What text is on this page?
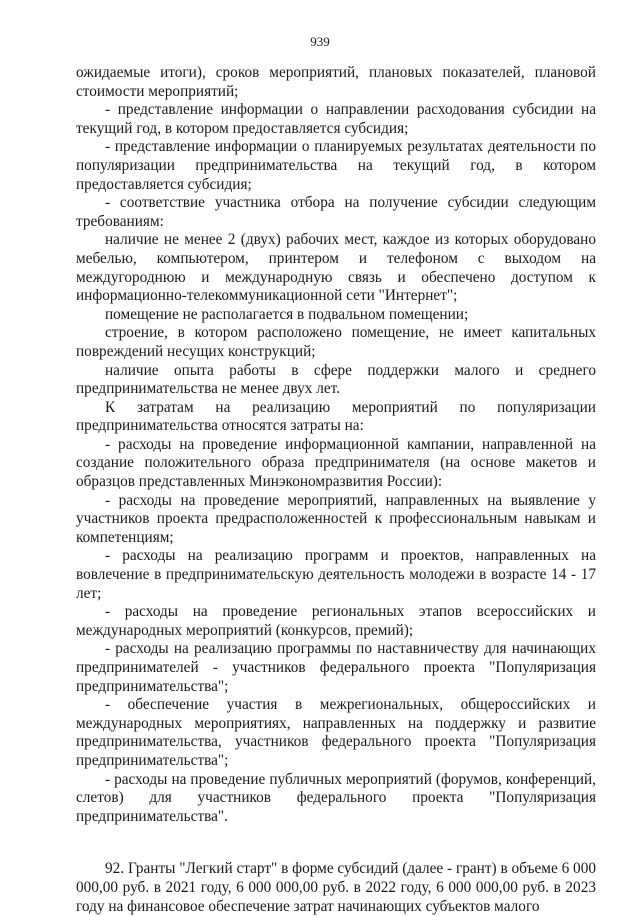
939

ожидаемые итоги), сроков мероприятий, плановых показателей, плановой стоимости мероприятий;

- представление информации о направлении расходования субсидии на текущий год, в котором предоставляется субсидия;

- представление информации о планируемых результатах деятельности по популяризации предпринимательства на текущий год, в котором предоставляется субсидия;

- соответствие участника отбора на получение субсидии следующим требованиям:

наличие не менее 2 (двух) рабочих мест, каждое из которых оборудовано мебелью, компьютером, принтером и телефоном с выходом на междугороднюю и международную связь и обеспечено доступом к информационно-телекоммуникационной сети "Интернет";

помещение не располагается в подвальном помещении;

строение, в котором расположено помещение, не имеет капитальных повреждений несущих конструкций;

наличие опыта работы в сфере поддержки малого и среднего предпринимательства не менее двух лет.

К затратам на реализацию мероприятий по популяризации предпринимательства относятся затраты на:

- расходы на проведение информационной кампании, направленной на создание положительного образа предпринимателя (на основе макетов и образцов представленных Минэкономразвития России):

- расходы на проведение мероприятий, направленных на выявление у участников проекта предрасположенностей к профессиональным навыкам и компетенциям;

- расходы на реализацию программ и проектов, направленных на вовлечение в предпринимательскую деятельность молодежи в возрасте 14 - 17 лет;

- расходы на проведение региональных этапов всероссийских и международных мероприятий (конкурсов, премий);

- расходы на реализацию программы по наставничеству для начинающих предпринимателей - участников федерального проекта "Популяризация предпринимательства";

- обеспечение участия в межрегиональных, общероссийских и международных мероприятиях, направленных на поддержку и развитие предпринимательства, участников федерального проекта "Популяризация предпринимательства";

- расходы на проведение публичных мероприятий (форумов, конференций, слетов) для участников федерального проекта "Популяризация предпринимательства".

92. Гранты "Легкий старт" в форме субсидий (далее - грант) в объеме 6 000 000,00 руб. в 2021 году, 6 000 000,00 руб. в 2022 году, 6 000 000,00 руб. в 2023 году на финансовое обеспечение затрат начинающих субъектов малого
